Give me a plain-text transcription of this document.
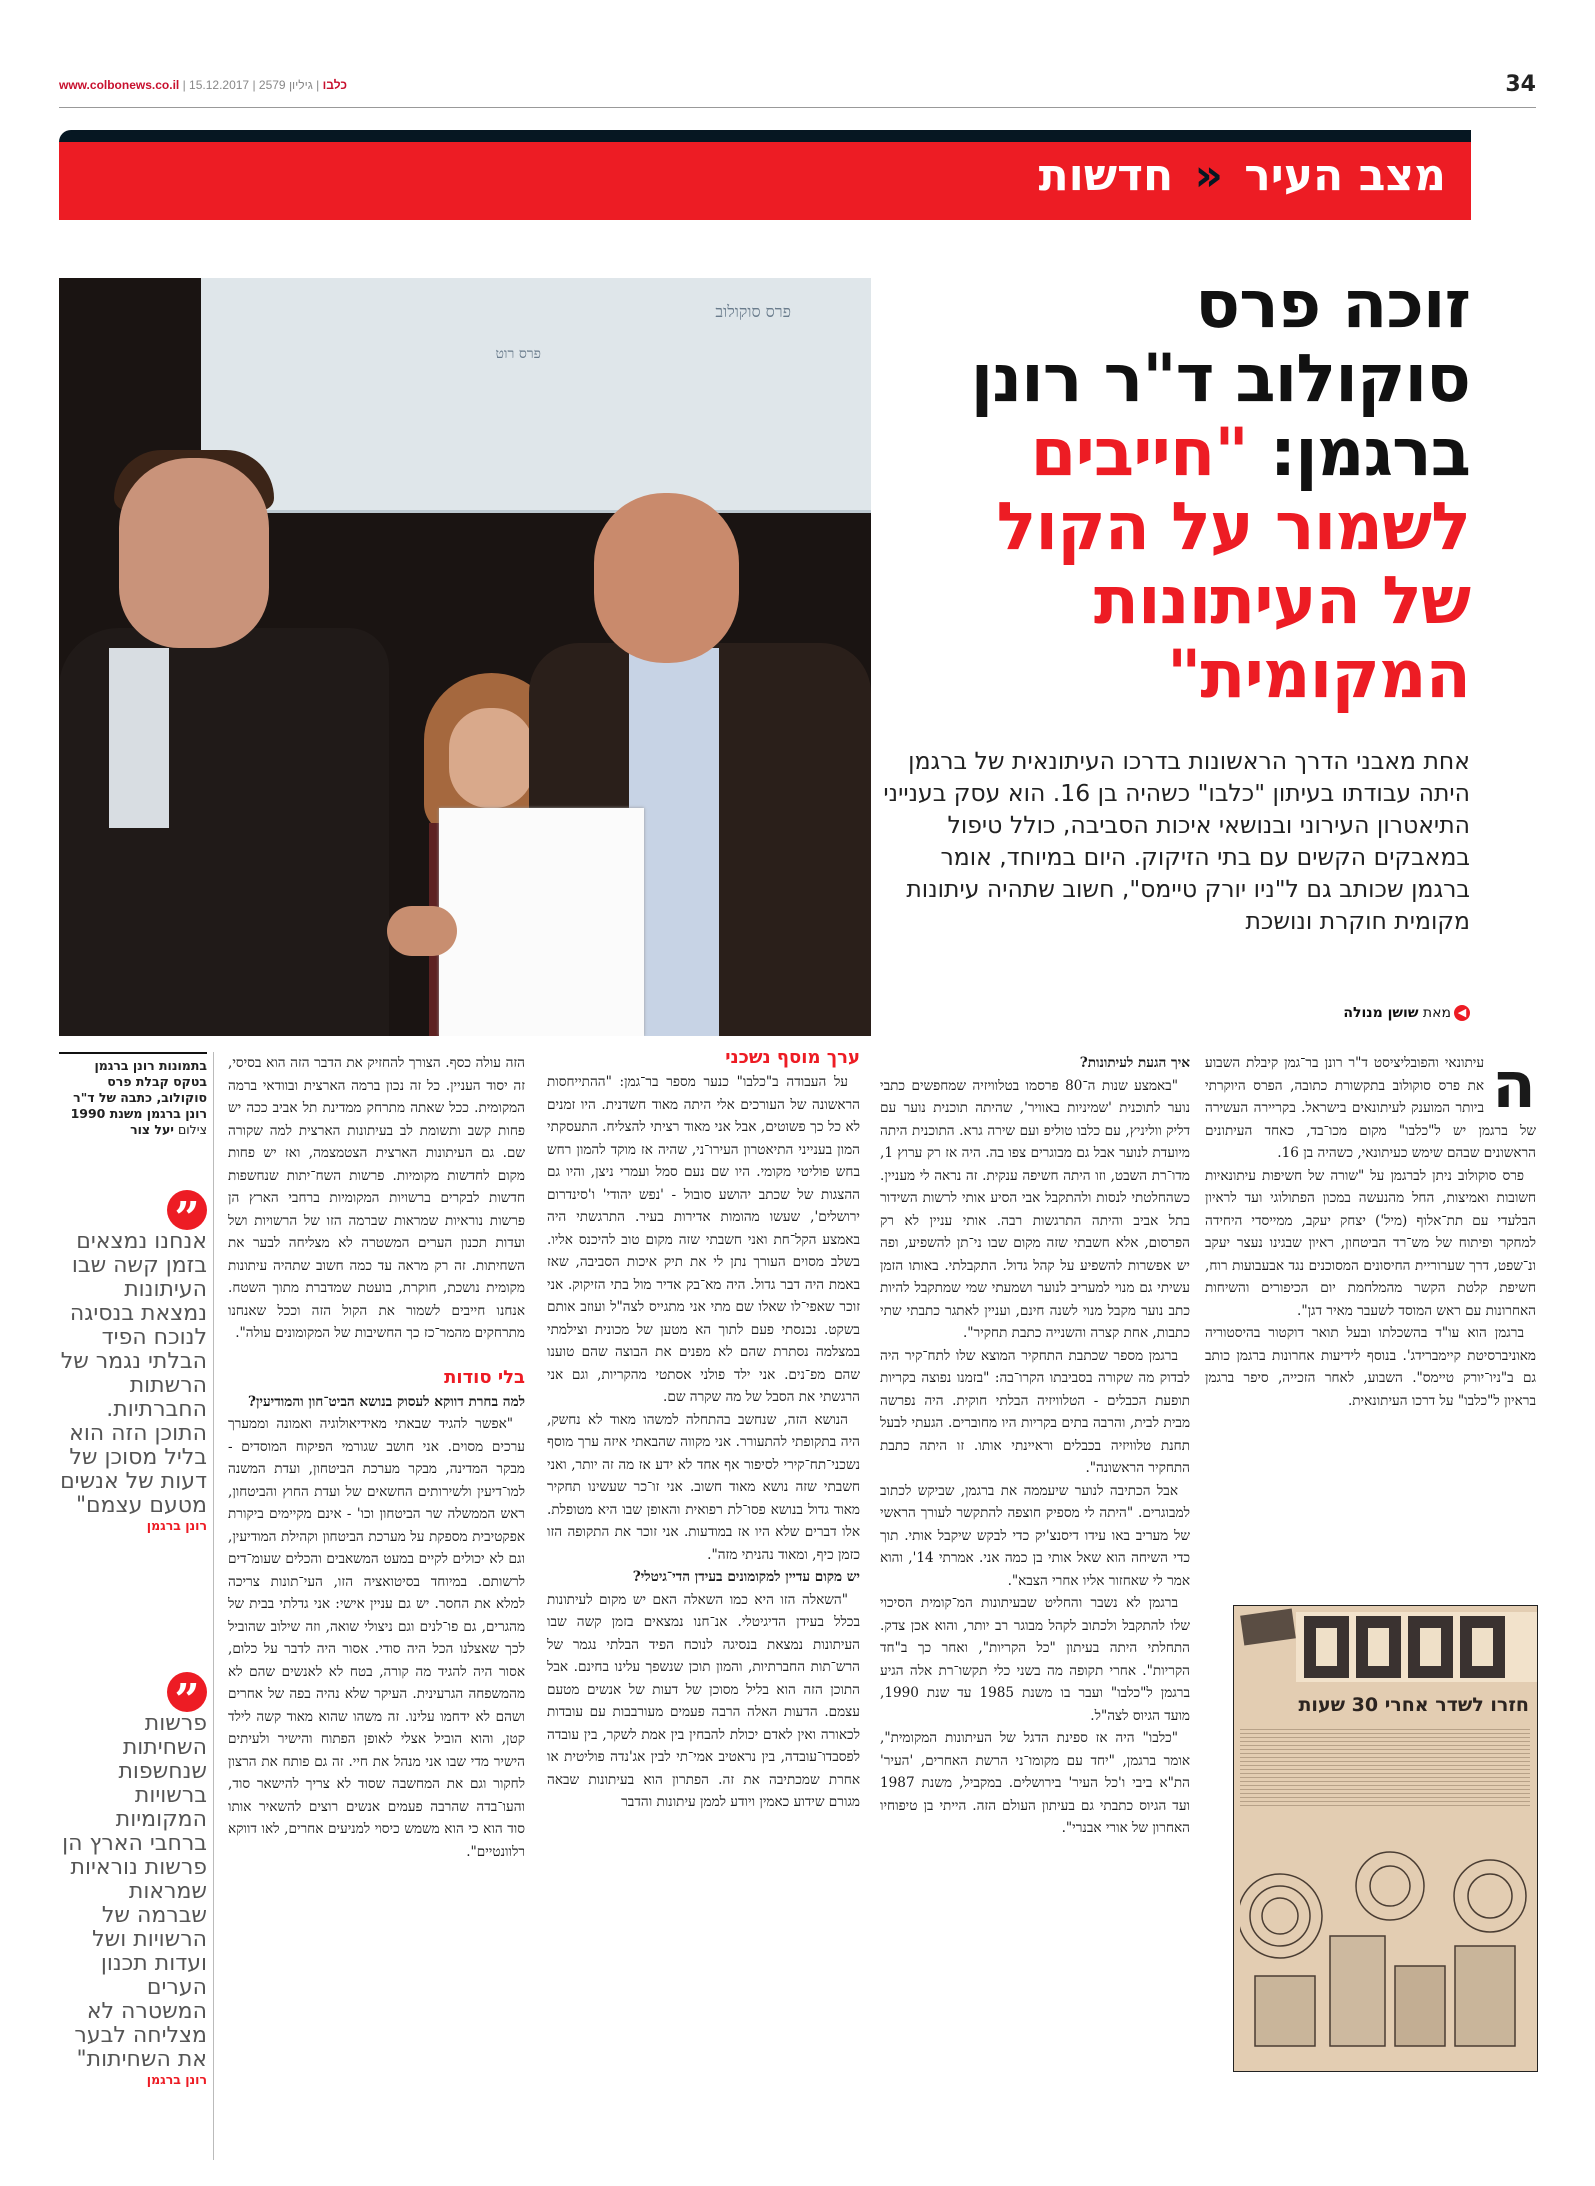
www.colbonews.co.il |	כלבו | גיליון 2579 | 15.12.2017	34
מצב העיר « חדשות
פרס סוקולוב
פרס רוט
זוכה פרס
סוקולוב ד"ר רונן
ברגמן: "חייבים
לשמור על הקול
של העיתונות
המקומית"
אחת מאבני הדרך הראשונות בדרכו העיתונאית של ברגמן היתה עבודתו בעיתון "כלבו" כשהיה בן 16. הוא עסק בענייני התיאטרון העירוני ובנושאי איכות הסביבה, כולל טיפול במאבקים הקשים עם בתי הזיקוק. היום במיוחד, אומר ברגמן שכותב גם ל"ניו יורק טיימס", חשוב שתהיה עיתונות מקומית חוקרת ונושכת
◀מאת שושן מנולה
בתמונות רונן ברגמן בטקס קבלת פרס סוקולוב, כתבה של ד"ר רונן ברגמן משנת 1990
צילום יעל צור
”
אנחנו נמצאים בזמן קשה שבו העיתונות נמצאת בנסיגה לנוכח הפיד הבלתי נגמר של הרשתות החברתיות. התוכן הזה הוא בליל מסוכן של דעות של אנשים מטעם עצמם"
רונן ברגמן
”
פרשות השחיתות שנחשפות ברשויות המקומיות ברחבי הארץ הן פרשות נוראיות שמראות שברמה של הרשויות ושל ועדות תכנון הערים המשטרה לא מצליחה לבער את השחיתות"
רונן ברגמן
ה

עיתונאי והפובליציסט ד"ר רונן בר־גמן קיבלת השבוע את פרס סוקולוב בתקשורת כתובה, הפרס היוקרתי ביותר המוענק לעיתונאים בישראל. בקריירה העשירה של ברגמן יש ל"כלבו" מקום מכו־בד, כאחד העיתונים הראשונים שבהם שימש כעיתונאי, כשהיה בן 16.

פרס סוקולוב ניתן לברגמן על "שורה של חשיפות עיתונאיות חשובות ואמיצות, החל מהנעשה במכון הפתולוגי ועד לראיון הבלעדי עם תת־אלוף (מיל') יצחק יעקב, ממייסדי היחידה למחקר ופיתוח של מש־רד הביטחון, ראיון שבגינו נעצר יעקב ונ־שפט, דרך שערוריית החיסונים המסוכנים נגד אבעבועות רוח, חשיפת קלטת הקשר מהמלחמת יום הכיפורים והשיחות האחרונות עם ראש המוסד לשעבר מאיר דגן".

ברגמן הוא עו"ד בהשכלתו ובעל תואר דוקטור בהיסטוריה מאוניברסיטת קיימברידג'. בנוסף לידיעות אחרונות ברגמן כותב גם ב"ניו־יורק טיימס". השבוע, לאחר הזכייה, סיפר ברגמן בראיון ל"כלבו" על דרכו העיתונאית.

חזרו לשדר אחרי 30 שעות
איך הגעת לעיתונות?

"באמצע שנות ה־80 פרסמו בטלוויזיה שמחפשים כתבי נוער לתוכנית 'שמיניות באוויר', שהיתה תוכנית נוער עם דליק ווליניץ, עם כלבו טוליפ ועם שירה גרא. התוכנית היתה מיועדת לנוער אבל גם מבוגרים צפו בה. היה אז רק ערוץ 1, מדו־רת השבט, וזו היתה חשיפה ענקית. זה נראה לי מעניין. כשהחלטתי לנסות ולהתקבל אבי הסיע אותי לרשות השידור בתל אביב והיתה התרגשות רבה. אותי עניין לא רק הפרסום, אלא חשבתי שזה מקום שבו ני־תן להשפיע, ופה יש אפשרות להשפיע על קהל גדול. התקבלתי. באותו הזמן עשיתי גם מנוי למעריב לנוער ושמעתי שמי שמתקבל להיות כתב נוער מקבל מנוי לשנה חינם, ועניין לאתגר כתבתי שתי כתבות, אחת קצרה והשנייה כתבת תחקיר".

ברגמן מספר שכתבת התחקיר המוצא שלו לתח־קיר היה לבדוק מה שקורה בסביבתו הקרו־בה: "בזמנו נפוצה בקריות תופעת הכבלים - הטלוויזיה הבלתי חוקית. היה נפרשה מבית לבית, והרבה בתים בקריות היו מחוברים. הגעתי לבעל תחנת טלוויזיה בכבלים וראיינתי אותו. זו היתה כתבת התחקיר הראשונה".

אבל הכתיבה לנוער שיעממה את ברגמן, שביקש לכתוב למבוגרים. "היתה לי מספיק חוצפה להתקשר לעורך הראשי של מעריב באו עידו דיסנצ'יק כדי לבקש שיקבל אותי. תוך כדי השיחה הוא שאל אותי בן כמה אני. אמרתי 14', והוא אמר לי שאחזור אליו אחרי הצבא".

ברגמן לא נשבר והחליט שבעיתונות המ־קומית הסיכוי שלו להתקבל ולכתוב לקהל מבוגר רב יותר, והוא אכן צדק. התחלתי היתה בעיתון "כל הקריות", ואחר כך ב"חד הקריות". אחרי תקופה מה בשני כלי תקשו־רת אלה הגיע ברגמן ל"כלבו" ועבר בו משנת 1985 עד שנת 1990, מועד הגיוס לצה"ל.

"כלבו" היה אז ספינת הדגל של העיתונות המקומית", אומר ברגמן, "יחד עם מקומו־ני הרשת האחרים, 'העיר' הת"א ביבי ו'כל העיר' בירושלים. במקביל, משנת 1987 ועד הגיוס כתבתי גם בעיתון העולם הזה. הייתי בן טיפוחיו האחרון של אורי אבנרי".

ערך מוסף נשכני

על העבודה ב"כלבו" כנער מספר בר־גמן: "ההתייחסות הראשונה של העורכים אלי היתה מאוד חשדנית. היו זמנים לא כל כך פשוטים, אבל אני מאוד רציתי להצליח. התעסקתי המון בענייני התיאטרון העירו־ני, שהיה אז מוקד להמון רחש בחש פוליטי מקומי. היו שם נעם סמל ועמרי ניצן, והיו גם ההצגות של שכתב יהושע סובול - 'נפש יהודי' ו'סינדרום ירושלים', שעשו מהומות אדירות בעיר. התרגשתי היה באמצע הקל־חת ואני חשבתי שזה מקום טוב להיכנס אליו. בשלב מסוים העורך נתן לי את תיק איכות הסביבה, שאז באמת היה דבר גדול. היה מא־בק אדיר מול בתי הזיקוק. אני זוכר שאפי־לו שאלו שם מתי אני מתגייס לצה"ל ועוזב אותם בשקט. נכנסתי פעם לתוך הא מטען של מכונית וצילמתי במצלמה נסתרת שהם לא מפנים את הבוצה שהם טוענו שהם מפ־נים. אני ילד פולני אסתטי מהקריות, וגם אני הרגשתי את הסבל של מה שקרה שם.

הנושא הזה, שנחשב בהתחלה למשהו מאוד לא נחשק, היה בתקופתי להתעורר. אני מקווה שהבאתי איזה ערך מוסף נשכני־תח־קירי לסיפור אף אחד לא ידע אז מה זה יותר, ואני חשבתי שזה נושא מאוד חשוב. אני זו־כר שעשינו תחקיר מאוד גדול בנושא פסו־לת רפואית והאופן שבו היא מטופלת. אלו דברים שלא היו אז במודעות. אני זוכר את התקופה הזו כזמן כיף, ומאוד נהניתי מזה".

יש מקום עדיין למקומונים בעידן הדי־גיטלי?

"השאלה הזו היא כמו השאלה האם יש מקום לעיתונות בכלל בעידן הדיגיטלי. אנ־חנו נמצאים בזמן קשה שבו העיתונות נמצאת בנסיגה לנוכח הפיד הבלתי נגמר של הרש־תות החברתיות, והמון תוכן שנשפך עלינו בחינם. אבל התוכן הזה הוא בליל מסוכן של דעות של אנשים מטעם עצמם. הדעות האלה הרבה פעמים מעורבבות עם עובדות לכאורה ואין לאדם יכולת להבחין בין אמת לשקר, בין עובדה לפסבדו־עובדה, בין נראטיב אמי־תי לבין אג'נדה פוליטית או אחרת שמכתיבה את זה. הפתרון הוא בעיתונות שבאה מגורם שידוע כאמין ויודע לממן עיתונות והדבר

הזה עולה כסף. הצורך להחזיק את הדבר הזה הוא בסיסי, זה יסוד העניין. כל זה נכון ברמה הארצית ובוודאי ברמה המקומית. ככל שאתה מתרחק ממדינת תל אביב ככה יש פחות קשב ותשומת לב בעיתונות הארצית למה שקורה שם. גם העיתונות הארצית הצטמצמה, ואז יש פחות מקום לחדשות מקומיות. פרשות השח־יתות שנחשפות חדשות לבקרים ברשויות המקומיות ברחבי הארץ הן פרשות נוראיות שמראות שברמה הזו של הרשויות ושל ועדות תכנון הערים המשטרה לא מצליחה לבער את השחיתות. זה רק מראה עד כמה חשוב שתהיה עיתונות מקומית נושכת, חוקרת, בועטת שמדברת מתוך השטח. אנחנו חייבים לשמור את הקול הזה וככל שאנחנו מתרחקים מהמר־כז כך החשיבות של המקומונים עולה".

בלי סודות
למה בחרת דווקא לעסוק בנושא הביט־חון והמודיעין?

"אפשר להגיד שבאתי מאידיאולוגיה ואמונה וממערך ערכים מסוים. אני חושב שגורמי הפיקוח המוסדים - מבקר המדינה, מבקר מערכת הביטחון, ועדת המשנה למו־דיעין ולשירותים החשאים של ועדת החוץ והביטחון, ראש הממשלה שר הביטחון וכו' - אינם מקיימים ביקורת אפקטיבית מספקת על מערכת הביטחון וקהילת המודיעין, וגם לא יכולים לקיים במעט המשאבים והכלים שעומ־דים לרשותם. במיוחד בסיטואציה הזו, העי־תונות צריכה למלא את החסר. יש גם עניין אישי: אני גדלתי בבית של מהגרים, גם פו־לנים וגם ניצולי שואה, וזה שילוב שהוביל לכך שאצלנו הכל היה סודי. אסור היה לדבר על כלום, אסור היה להגיד מה קורה, בטח לא לאנשים שהם לא מהמשפחה הגרעינית. העיקר שלא נהיה בפה של אחרים ושהם לא ידחמו עלינו. זה משהו שהוא מאוד קשה לילד קטן, והוא הוביל אצלי לאופן הפתוח והישיר ולעיתים הישיר מדי שבו אני מנהל את חיי. זה גם פותח את הרצון לחקור וגם את המחשבה שסוד לא צריך להישאר סוד, והעו־בדה שהרבה פעמים אנשים רוצים להשאיר אותו סוד הוא כי הוא משמש כיסוי למניעים אחרים, לאו דווקא רלוונטיים".
